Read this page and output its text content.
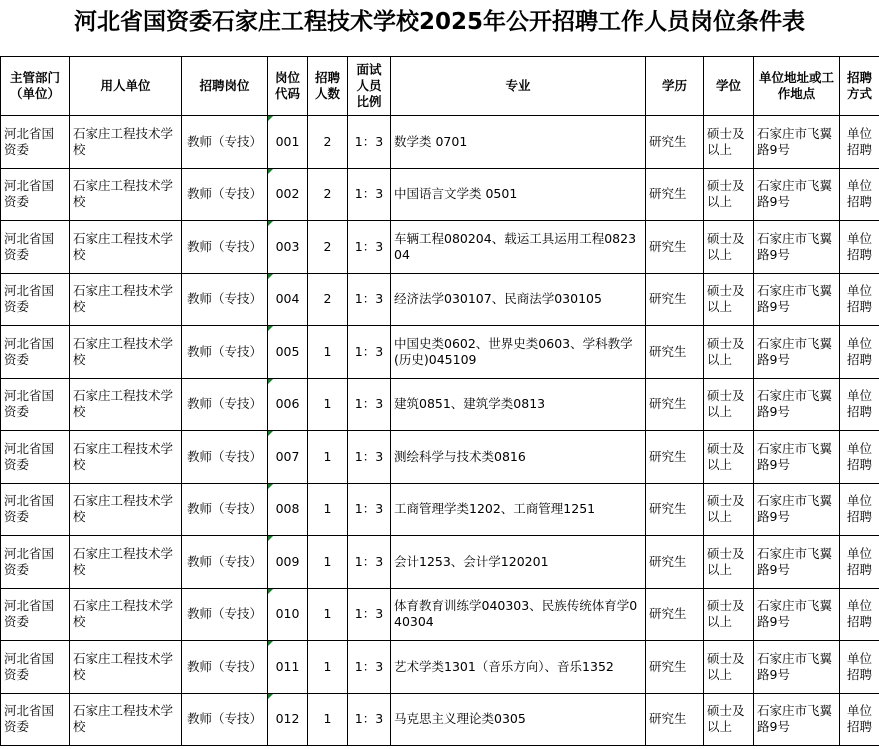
河北省国资委石家庄工程技术学校2025年公开招聘工作人员岗位条件表
主管部门（单位）	用人单位	招聘岗位	岗位代码	招聘人数	面试人员比例	专业	学历	学位	单位地址或工作地点	招聘方式
河北省国资委	石家庄工程技术学校	教师（专技）	001	2	1：3	数学类 0701	研究生	硕士及以上	石家庄市飞翼路9号	单位招聘
河北省国资委	石家庄工程技术学校	教师（专技）	002	2	1：3	中国语言文学类 0501	研究生	硕士及以上	石家庄市飞翼路9号	单位招聘
河北省国资委	石家庄工程技术学校	教师（专技）	003	2	1：3	车辆工程080204、载运工具运用工程082304	研究生	硕士及以上	石家庄市飞翼路9号	单位招聘
河北省国资委	石家庄工程技术学校	教师（专技）	004	2	1：3	经济法学030107、民商法学030105	研究生	硕士及以上	石家庄市飞翼路9号	单位招聘
河北省国资委	石家庄工程技术学校	教师（专技）	005	1	1：3	中国史类0602、世界史类0603、学科教学(历史)045109	研究生	硕士及以上	石家庄市飞翼路9号	单位招聘
河北省国资委	石家庄工程技术学校	教师（专技）	006	1	1：3	建筑0851、建筑学类0813	研究生	硕士及以上	石家庄市飞翼路9号	单位招聘
河北省国资委	石家庄工程技术学校	教师（专技）	007	1	1：3	测绘科学与技术类0816	研究生	硕士及以上	石家庄市飞翼路9号	单位招聘
河北省国资委	石家庄工程技术学校	教师（专技）	008	1	1：3	工商管理学类1202、工商管理1251	研究生	硕士及以上	石家庄市飞翼路9号	单位招聘
河北省国资委	石家庄工程技术学校	教师（专技）	009	1	1：3	会计1253、会计学120201	研究生	硕士及以上	石家庄市飞翼路9号	单位招聘
河北省国资委	石家庄工程技术学校	教师（专技）	010	1	1：3	体育教育训练学040303、民族传统体育学040304	研究生	硕士及以上	石家庄市飞翼路9号	单位招聘
河北省国资委	石家庄工程技术学校	教师（专技）	011	1	1：3	艺术学类1301（音乐方向）、音乐1352	研究生	硕士及以上	石家庄市飞翼路9号	单位招聘
河北省国资委	石家庄工程技术学校	教师（专技）	012	1	1：3	马克思主义理论类0305	研究生	硕士及以上	石家庄市飞翼路9号	单位招聘
